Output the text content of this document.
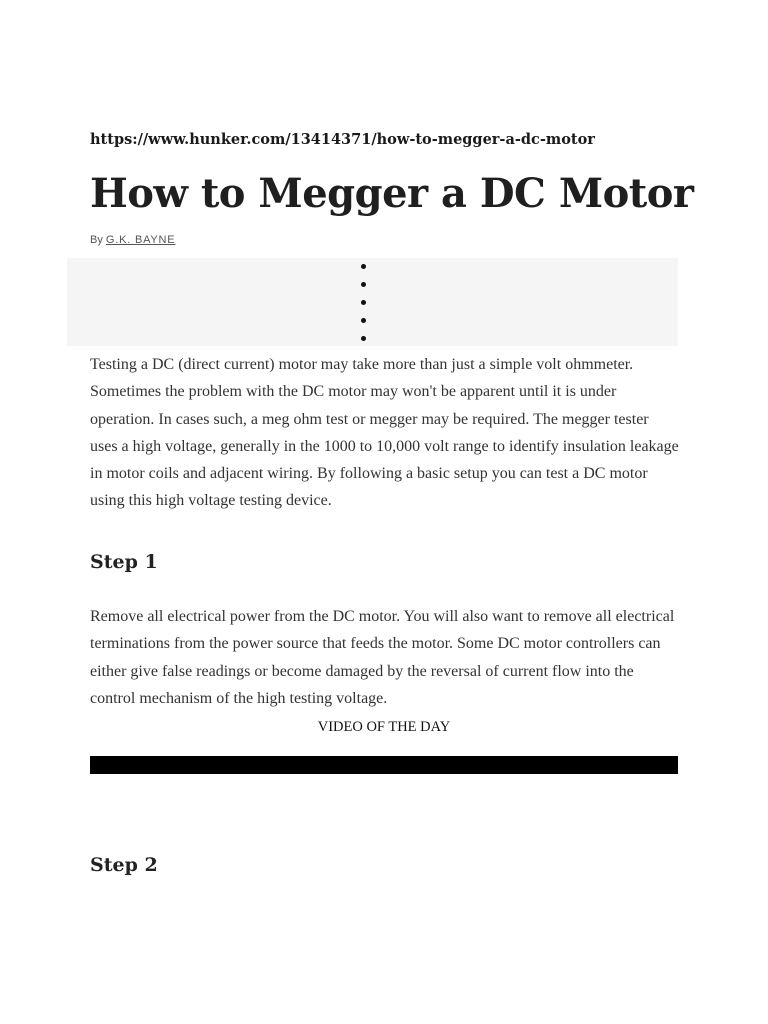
https://www.hunker.com/13414371/how-to-megger-a-dc-motor
How to Megger a DC Motor
By G.K. BAYNE

Testing a DC (direct current) motor may take more than just a simple volt ohmmeter. Sometimes the problem with the DC motor may won't be apparent until it is under operation. In cases such, a meg ohm test or megger may be required. The megger tester uses a high voltage, generally in the 1000 to 10,000 volt range to identify insulation leakage in motor coils and adjacent wiring. By following a basic setup you can test a DC motor using this high voltage testing device.

Step 1

Remove all electrical power from the DC motor. You will also want to remove all electrical terminations from the power source that feeds the motor. Some DC motor controllers can either give false readings or become damaged by the reversal of current flow into the control mechanism of the high testing voltage.

VIDEO OF THE DAY
Step 2
